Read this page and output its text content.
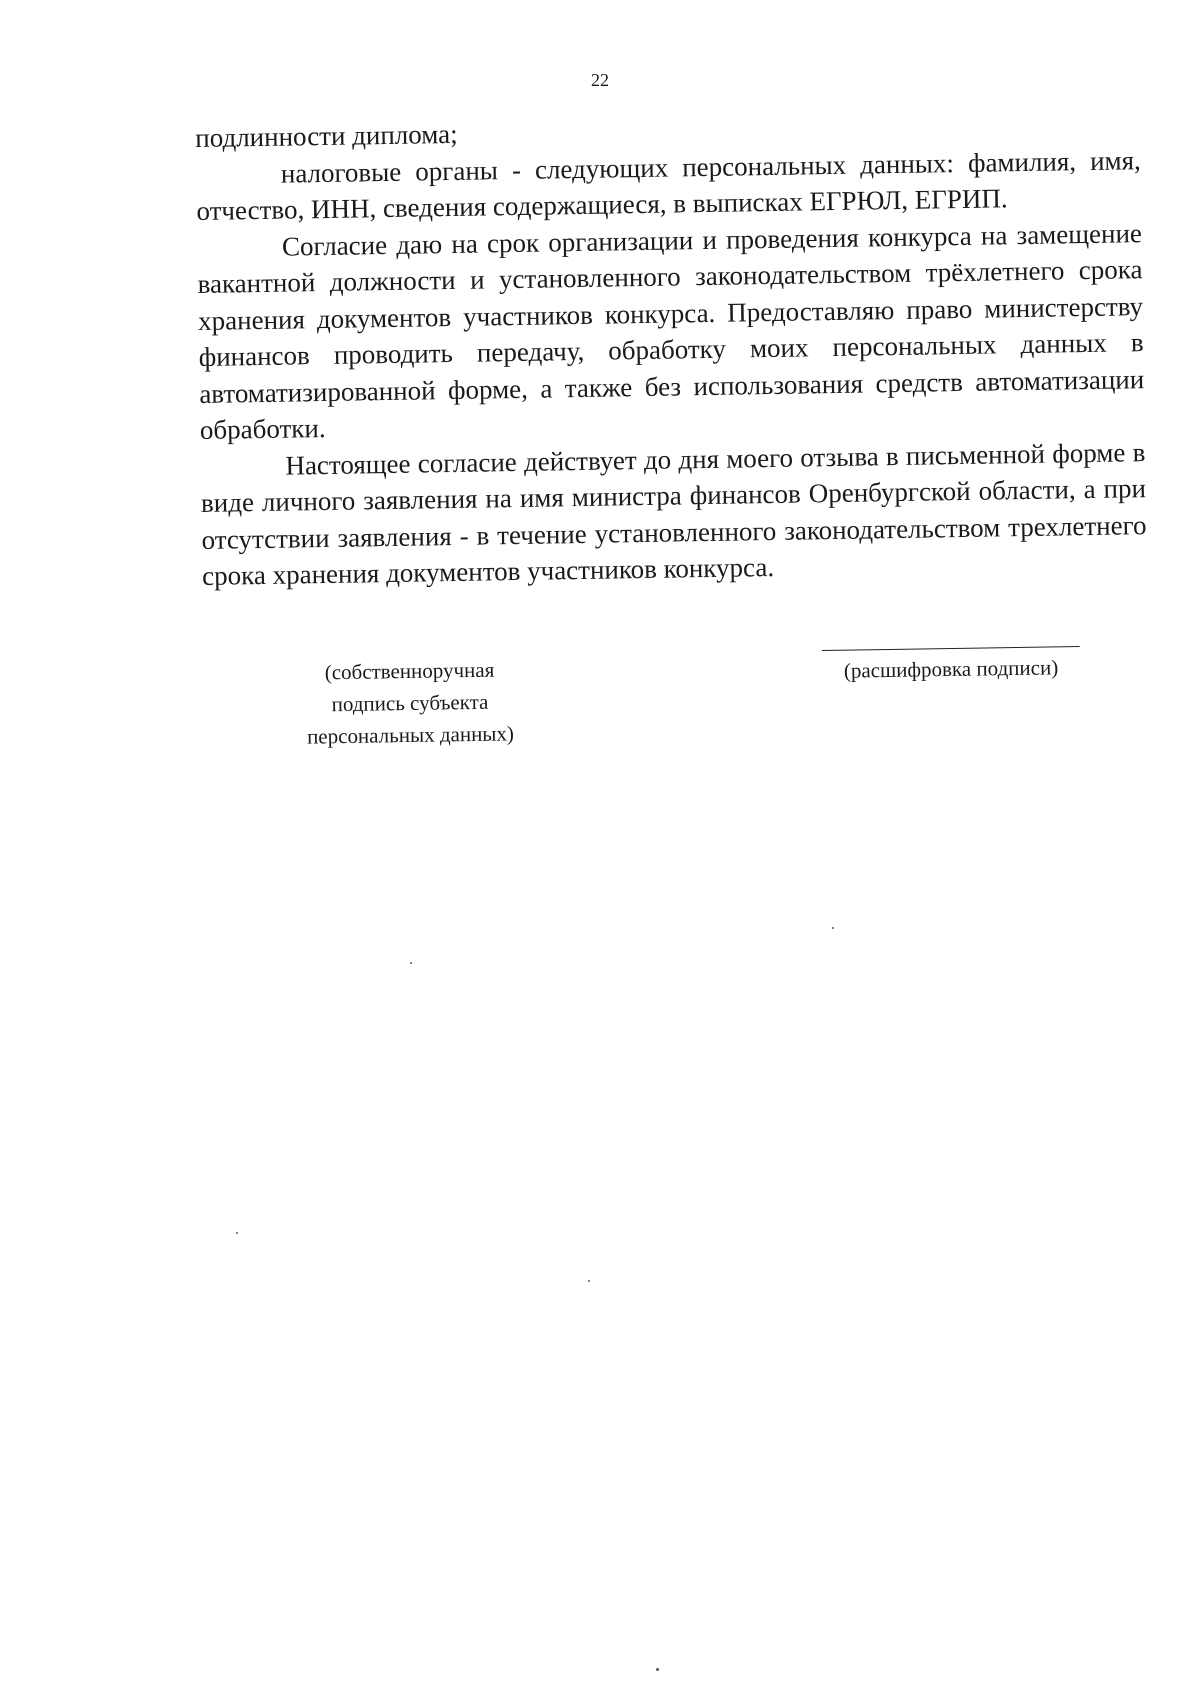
22

подлинности диплома;

налоговые органы - следующих персональных данных: фамилия, имя, отчество, ИНН, сведения содержащиеся, в выписках ЕГРЮЛ, ЕГРИП.

Согласие даю на срок организации и проведения конкурса на замещение вакантной должности и установленного законодательством трёхлетнего срока хранения документов участников конкурса. Предоставляю право министерству финансов проводить передачу, обработку моих персональных данных в автоматизированной форме, а также без использования средств автоматизации обработки.

Настоящее согласие действует до дня моего отзыва в письменной форме в виде личного заявления на имя министра финансов Оренбургской области, а при отсутствии заявления - в течение установленного законодательством трехлетнего срока хранения документов участников конкурса.

(собственноручная
подпись субъекта
персональных данных)
(расшифровка подписи)
